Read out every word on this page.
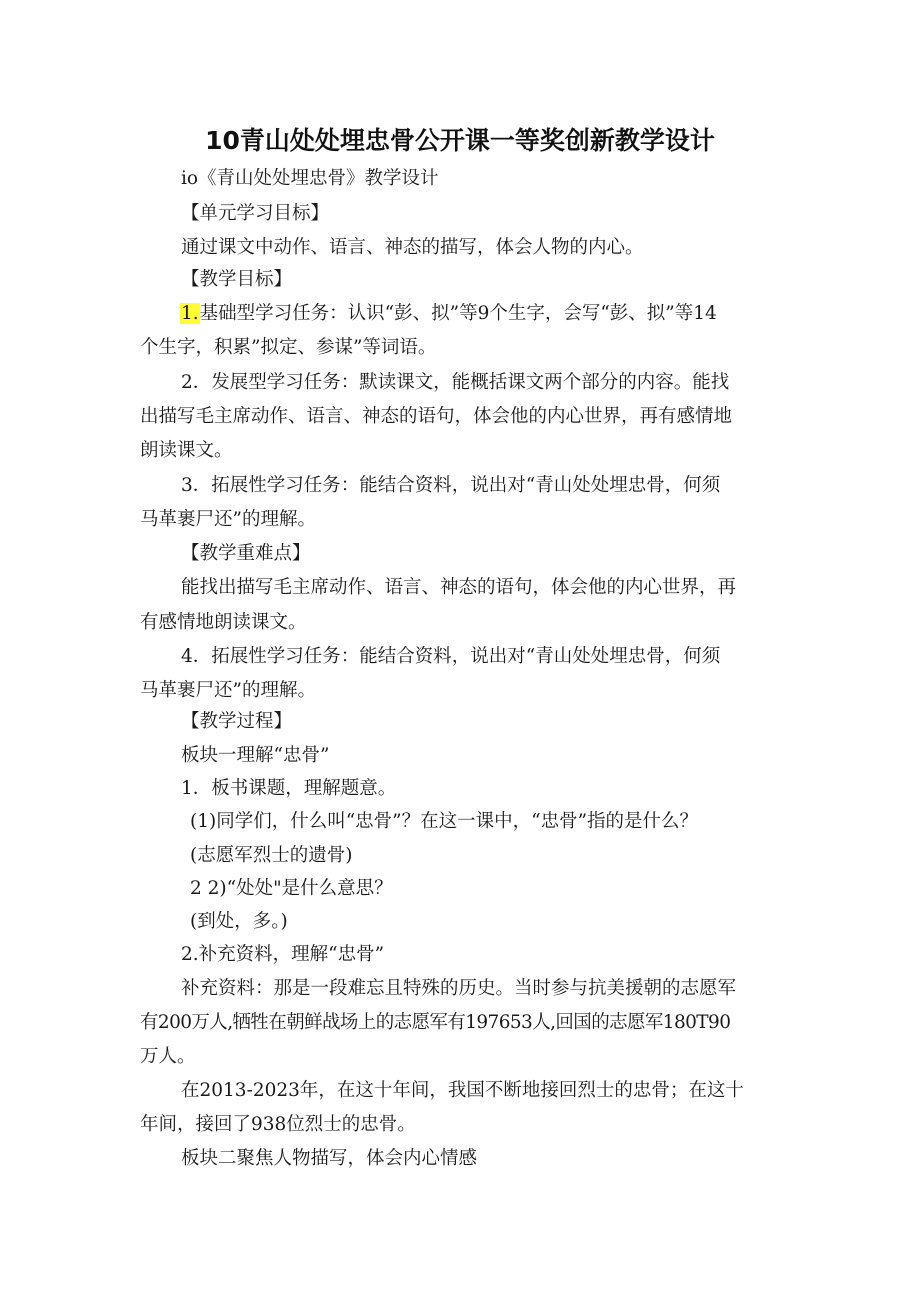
10青山处处埋忠骨公开课一等奖创新教学设计
io《青山处处埋忠骨》教学设计
【单元学习目标】
通过课文中动作、语言、神态的描写，体会人物的内心。
【教学目标】
1.基础型学习任务：认识“彭、拟”等9个生字，会写“彭、拟”等14
个生字，积累”拟定、参谋”等词语。
2．发展型学习任务：默读课文，能概括课文两个部分的内容。能找
出描写毛主席动作、语言、神态的语句，体会他的内心世界，再有感情地
朗读课文。
3．拓展性学习任务：能结合资料，说出对“青山处处埋忠骨，何须
马革裹尸还”的理解。
【教学重难点】
能找出描写毛主席动作、语言、神态的语句，体会他的内心世界，再
有感情地朗读课文。
4．拓展性学习任务：能结合资料，说出对“青山处处埋忠骨，何须
马革裹尸还”的理解。
【教学过程】
板块一理解“忠骨”
1．板书课题，理解题意。
(1)同学们，什么叫“忠骨”？在这一课中，“忠骨”指的是什么？
(志愿军烈士的遗骨)
2 2)“处处"是什么意思？
(到处，多。)
2.补充资料，理解“忠骨”
补充资料：那是一段难忘且特殊的历史。当时参与抗美援朝的志愿军
有200万人,牺牲在朝鲜战场上的志愿军有197653人,回国的志愿军180T90
万人。
在2013-2023年，在这十年间，我国不断地接回烈士的忠骨；在这十
年间，接回了938位烈士的忠骨。
板块二聚焦人物描写，体会内心情感
